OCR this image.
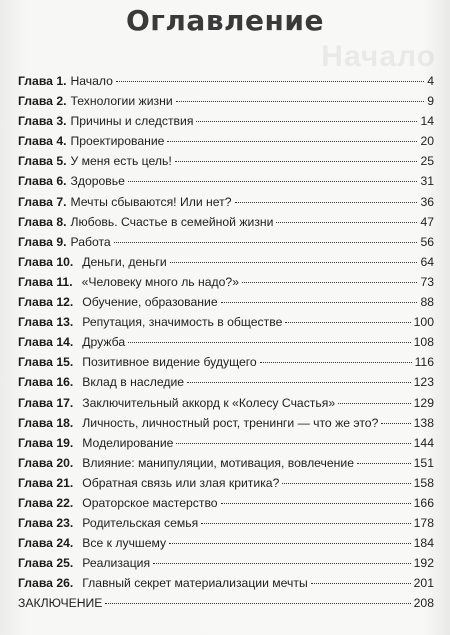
Начало
Оглавление
Глава 1. Начало	4
Глава 2. Технологии жизни	9
Глава 3. Причины и следствия	14
Глава 4. Проектирование	20
Глава 5. У меня есть цель!	25
Глава 6. Здоровье	31
Глава 7. Мечты сбываются! Или нет?	36
Глава 8. Любовь. Счастье в семейной жизни	47
Глава 9. Работа	56
Глава 10. Деньги, деньги	64
Глава 11. «Человеку много ль надо?»	73
Глава 12. Обучение, образование	88
Глава 13. Репутация, значимость в обществе	100
Глава 14. Дружба	108
Глава 15. Позитивное видение будущего	116
Глава 16. Вклад в наследие	123
Глава 17. Заключительный аккорд к «Колесу Счастья»	129
Глава 18. Личность, личностный рост, тренинги — что же это?	138
Глава 19. Моделирование	144
Глава 20. Влияние: манипуляции, мотивация, вовлечение	151
Глава 21. Обратная связь или злая критика?	158
Глава 22. Ораторское мастерство	166
Глава 23. Родительская семья	178
Глава 24. Все к лучшему	184
Глава 25. Реализация	192
Глава 26. Главный секрет материализации мечты	201
ЗАКЛЮЧЕНИЕ	208
